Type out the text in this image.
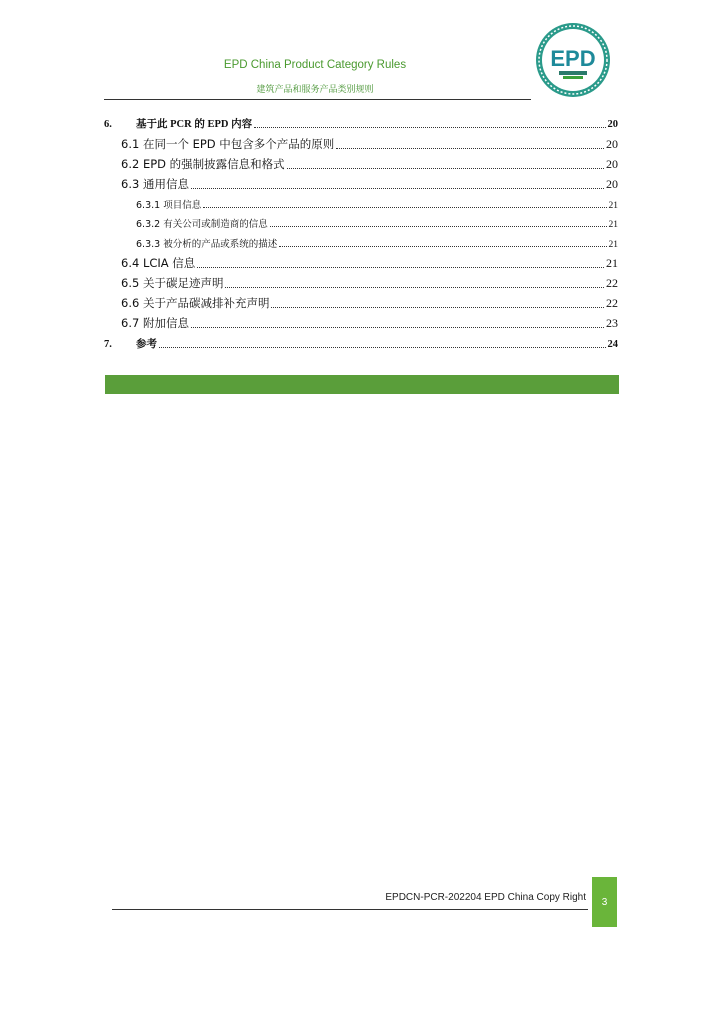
EPD China Product Category Rules
建筑产品和服务产品类别规则
EPD
6. 基于此 PCR 的 EPD 内容	20
6.1 在同一个 EPD 中包含多个产品的原则	20
6.2 EPD 的强制披露信息和格式	20
6.3 通用信息	20
6.3.1 项目信息	21
6.3.2 有关公司或制造商的信息	21
6.3.3 被分析的产品或系统的描述	21
6.4 LCIA 信息	21
6.5 关于碳足迹声明	22
6.6 关于产品碳减排补充声明	22
6.7 附加信息	23
7. 参考	24
EPDCN-PCR-202204 EPD China Copy Right	3
